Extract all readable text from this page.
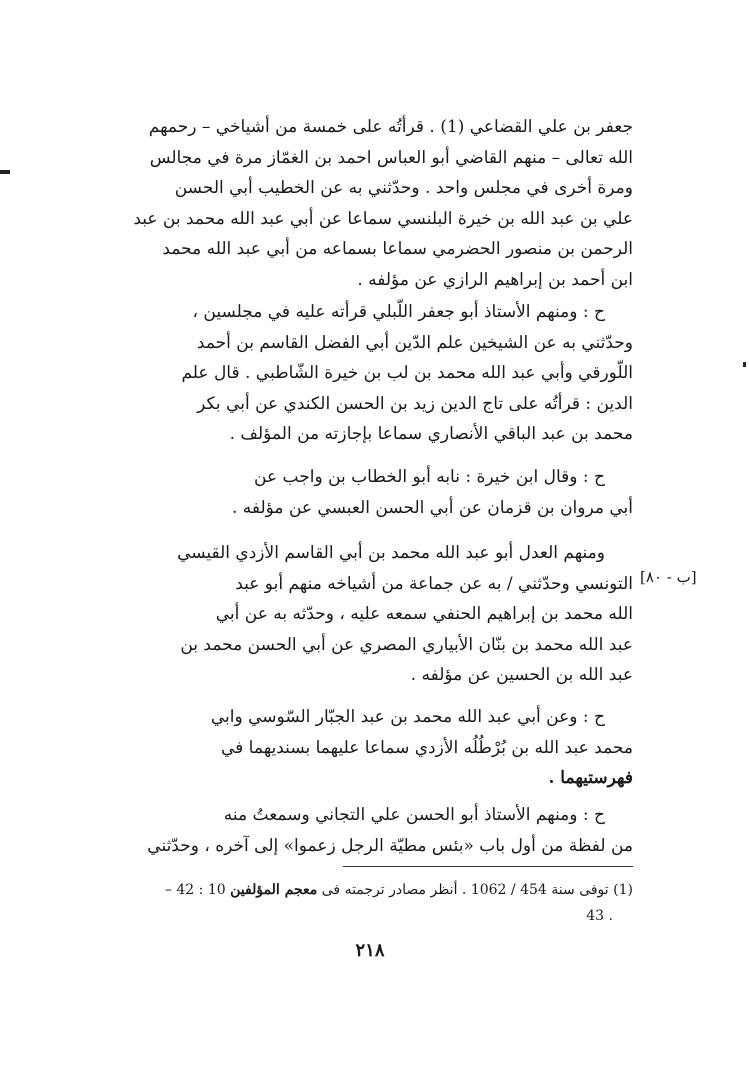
جعفر بن علي القضاعي (1) . قرأتُه على خمسة من أشياخي – رحمهم
الله تعالى – منهم القاضي أبو العباس احمد بن الغمّاز مرة في مجالس
ومرة أخرى في مجلس واحد . وحدّثني به عن الخطيب أبي الحسن
علي بن عبد الله بن خيرة البلنسي سماعا عن أبي عبد الله محمد بن عبد
الرحمن بن منصور الحضرمي سماعا بسماعه من أبي عبد الله محمد
ابن أحمد بن إبراهيم الرازي عن مؤلفه .
ح : ومنهم الأستاذ أبو جعفر اللّبلي قرأته عليه في مجلسين ،
وحدّثني به عن الشيخين علم الدّين أبي الفضل القاسم بن أحمد
اللّورقي وأبي عبد الله محمد بن لب بن خيرة الشّاطبي . قال علم
الدين : قرأتُه على تاج الدين زيد بن الحسن الكندي عن أبي بكر
محمد بن عبد الباقي الأنصاري سماعا بإجازته من المؤلف .
ح : وقال ابن خيرة : نابه أبو الخطاب بن واجب عن
أبي مروان بن قزمان عن أبي الحسن العبسي عن مؤلفه .
ومنهم العدل أبو عبد الله محمد بن أبي القاسم الأزدي القيسي
التونسي وحدّثني / به عن جماعة من أشياخه منهم أبو عبد
الله محمد بن إبراهيم الحنفي سمعه عليه ، وحدّثه به عن أبي
عبد الله محمد بن بنّان الأبياري المصري عن أبي الحسن محمد بن
عبد الله بن الحسين عن مؤلفه .
[۸۰ - ب]
ح : وعن أبي عبد الله محمد بن عبد الجبّار السّوسي وابي
محمد عبد الله بن بُرْطُلُه الأزدي سماعا عليهما بسنديهما في
فهرستيهما .
ح : ومنهم الأستاذ أبو الحسن علي التجاني وسمعتُ منه
من لفظة من أول باب «بئس مطيّة الرجل زعموا» إلى آخره ، وحدّثني
(1) توفى سنة 454 / 1062 . أنظر مصادر ترجمته فى معجم المؤلفين 10 : 42 –
. 43
٢١٨
